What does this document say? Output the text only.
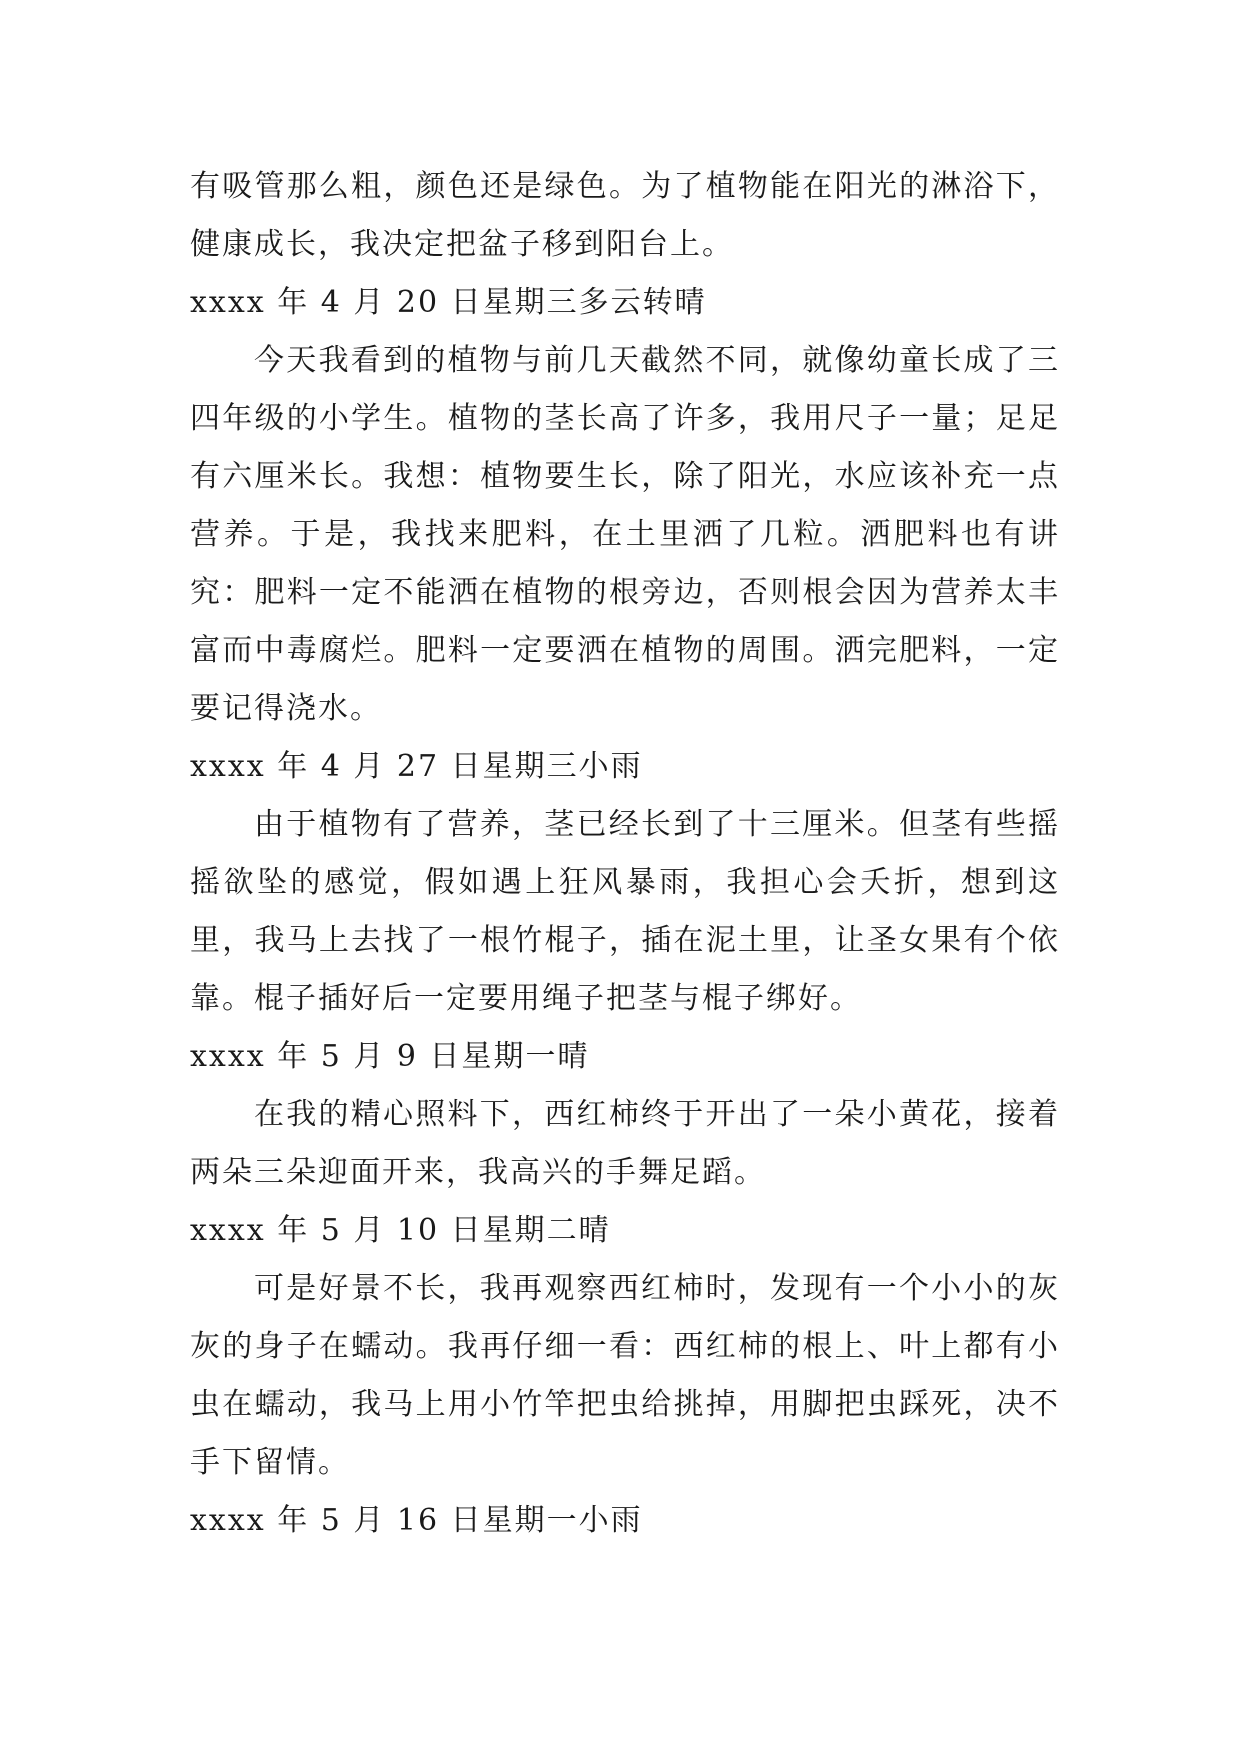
有吸管那么粗，颜色还是绿色。为了植物能在阳光的淋浴下，健康成长，我决定把盆子移到阳台上。

xxxx 年 4 月 20 日星期三多云转晴

今天我看到的植物与前几天截然不同，就像幼童长成了三四年级的小学生。植物的茎长高了许多，我用尺子一量；足足有六厘米长。我想：植物要生长，除了阳光，水应该补充一点营养。于是，我找来肥料，在土里洒了几粒。洒肥料也有讲究：肥料一定不能洒在植物的根旁边，否则根会因为营养太丰富而中毒腐烂。肥料一定要洒在植物的周围。洒完肥料，一定要记得浇水。

xxxx 年 4 月 27 日星期三小雨

由于植物有了营养，茎已经长到了十三厘米。但茎有些摇摇欲坠的感觉，假如遇上狂风暴雨，我担心会夭折，想到这里，我马上去找了一根竹棍子，插在泥土里，让圣女果有个依靠。棍子插好后一定要用绳子把茎与棍子绑好。

xxxx 年 5 月 9 日星期一晴

在我的精心照料下，西红柿终于开出了一朵小黄花，接着两朵三朵迎面开来，我高兴的手舞足蹈。

xxxx 年 5 月 10 日星期二晴

可是好景不长，我再观察西红柿时，发现有一个小小的灰灰的身子在蠕动。我再仔细一看：西红柿的根上、叶上都有小虫在蠕动，我马上用小竹竿把虫给挑掉，用脚把虫踩死，决不手下留情。

xxxx 年 5 月 16 日星期一小雨
